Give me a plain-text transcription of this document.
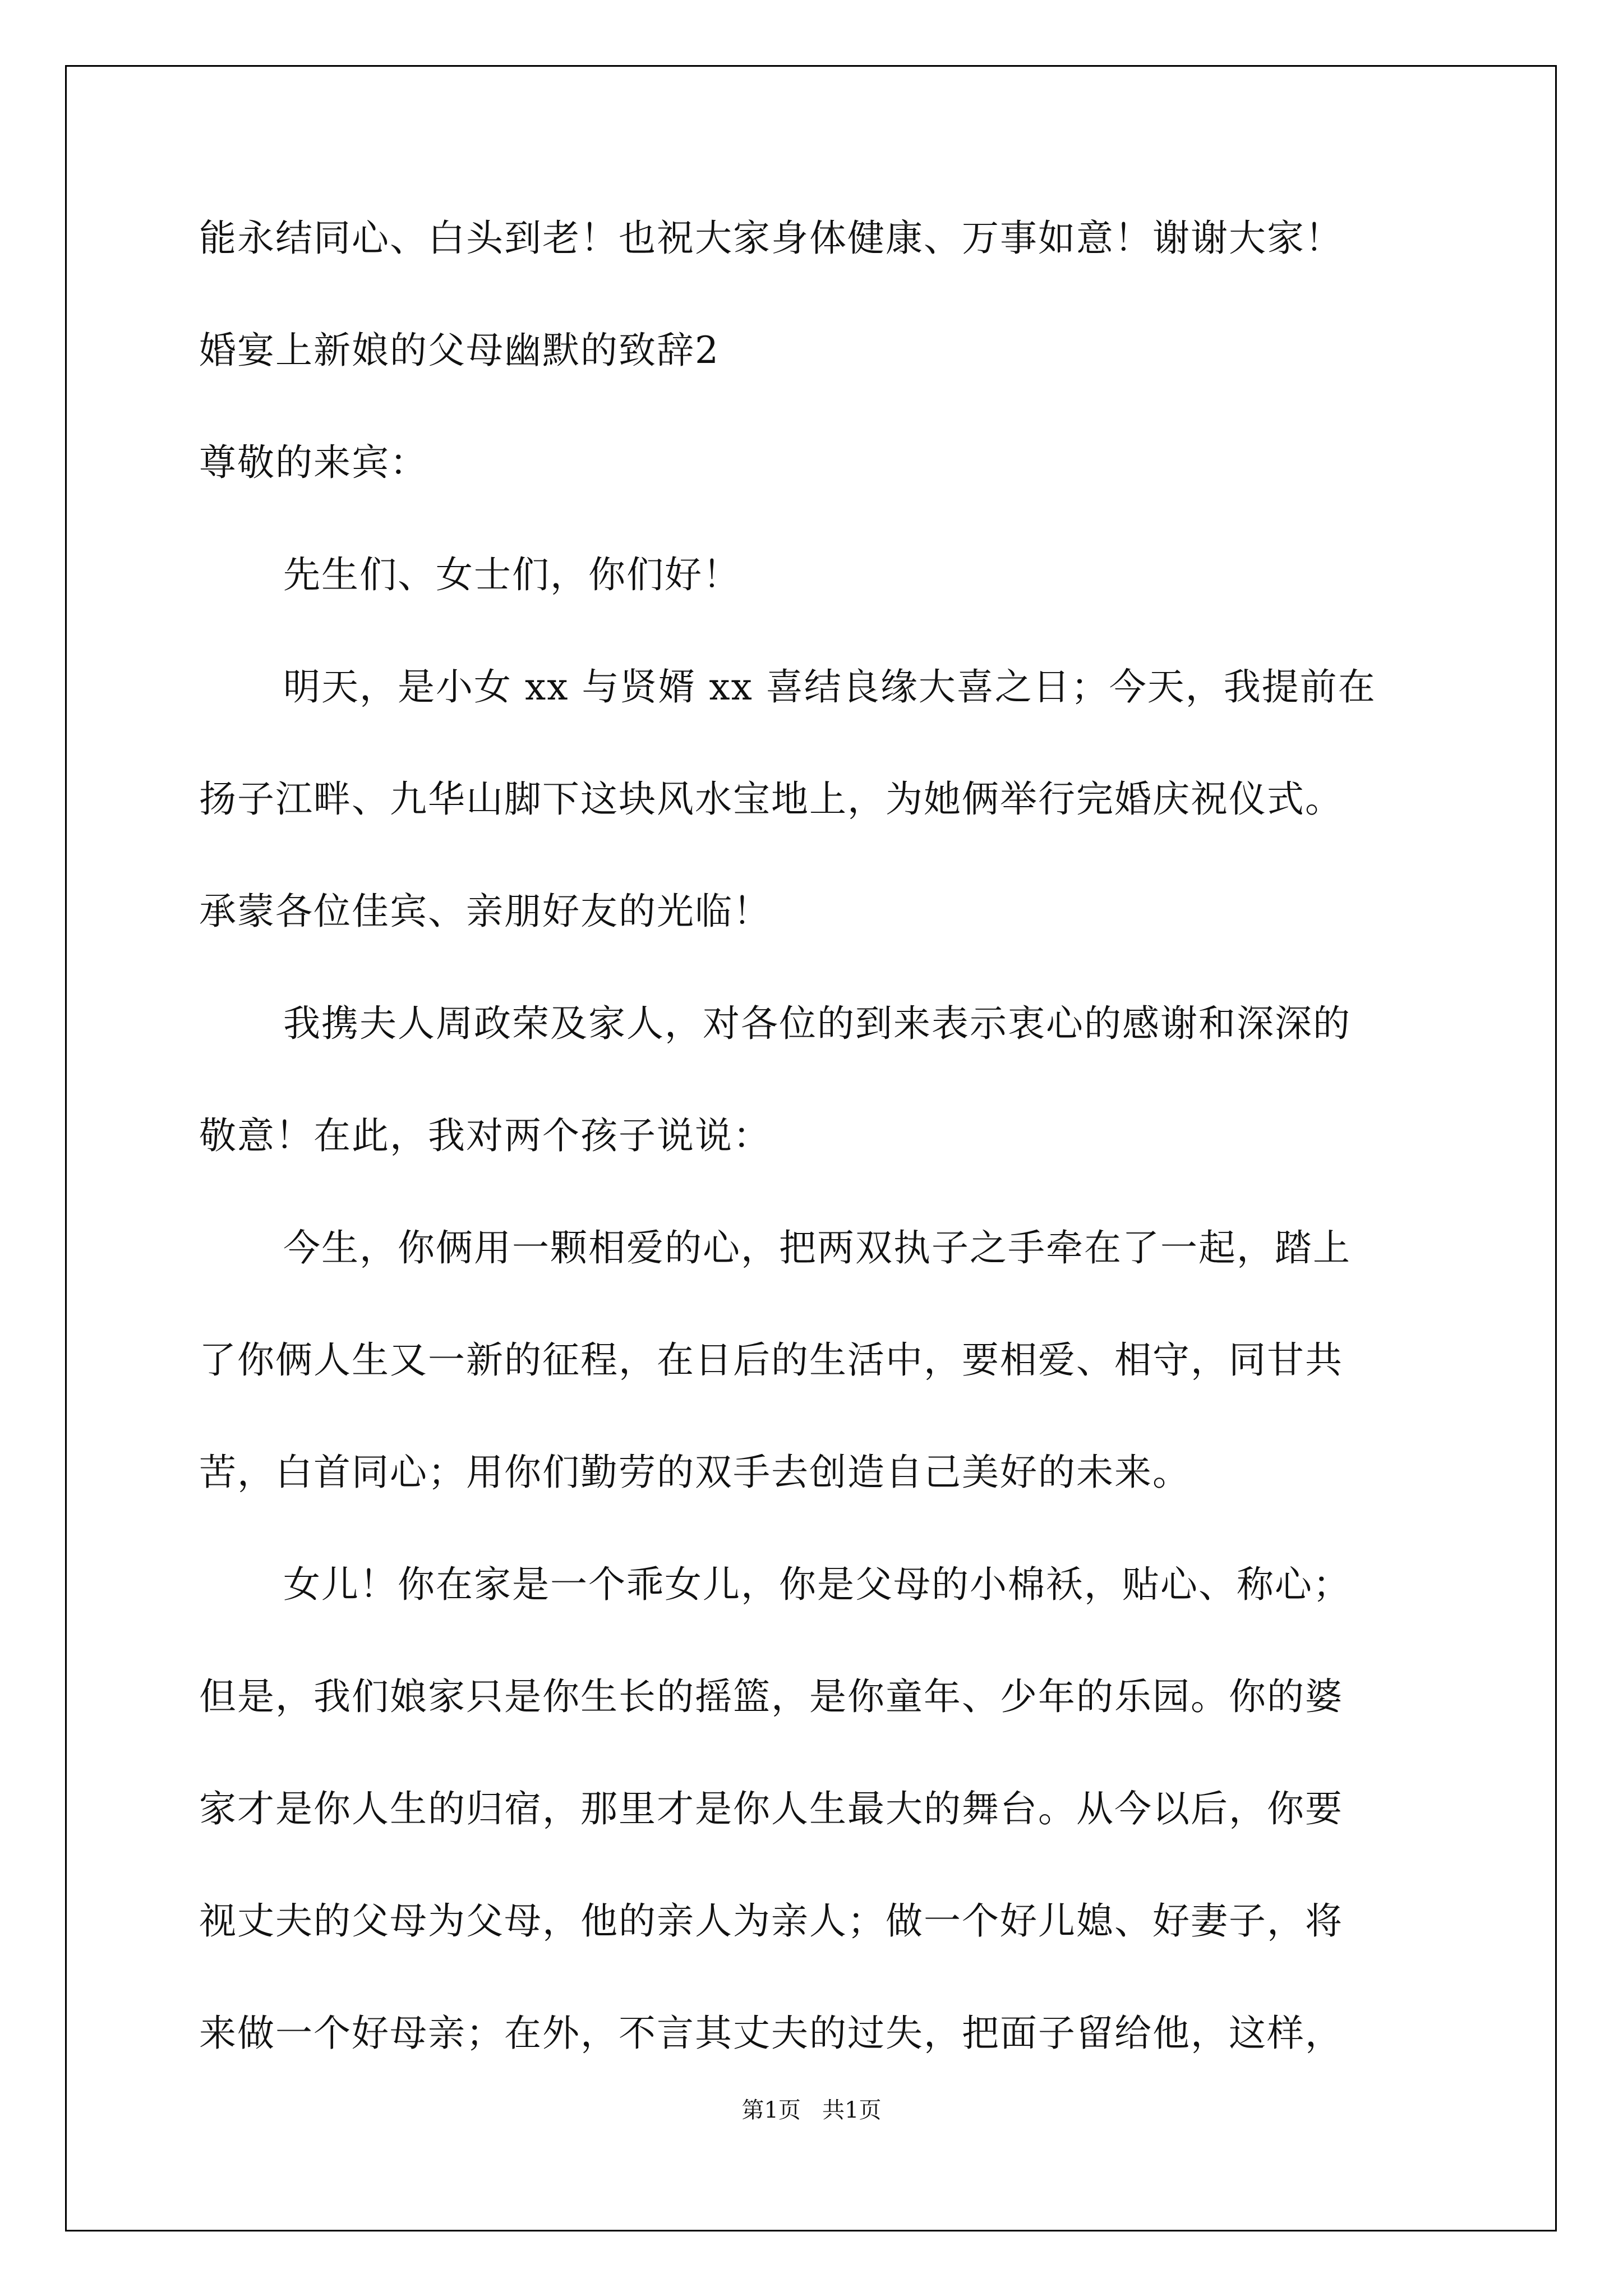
能永结同心、白头到老！也祝大家身体健康、万事如意！谢谢大家！
婚宴上新娘的父母幽默的致辞2
尊敬的来宾：
先生们、女士们，你们好！
明天，是小女 xx 与贤婿 xx 喜结良缘大喜之日；今天，我提前在
扬子江畔、九华山脚下这块风水宝地上，为她俩举行完婚庆祝仪式。
承蒙各位佳宾、亲朋好友的光临！
我携夫人周政荣及家人，对各位的到来表示衷心的感谢和深深的
敬意！在此，我对两个孩子说说：
今生，你俩用一颗相爱的心，把两双执子之手牵在了一起，踏上
了你俩人生又一新的征程，在日后的生活中，要相爱、相守，同甘共
苦，白首同心；用你们勤劳的双手去创造自己美好的未来。
女儿！你在家是一个乖女儿，你是父母的小棉袄，贴心、称心；
但是，我们娘家只是你生长的摇篮，是你童年、少年的乐园。你的婆
家才是你人生的归宿，那里才是你人生最大的舞台。从今以后，你要
视丈夫的父母为父母，他的亲人为亲人；做一个好儿媳、好妻子，将
来做一个好母亲；在外，不言其丈夫的过失，把面子留给他，这样，
第1页   共1页
